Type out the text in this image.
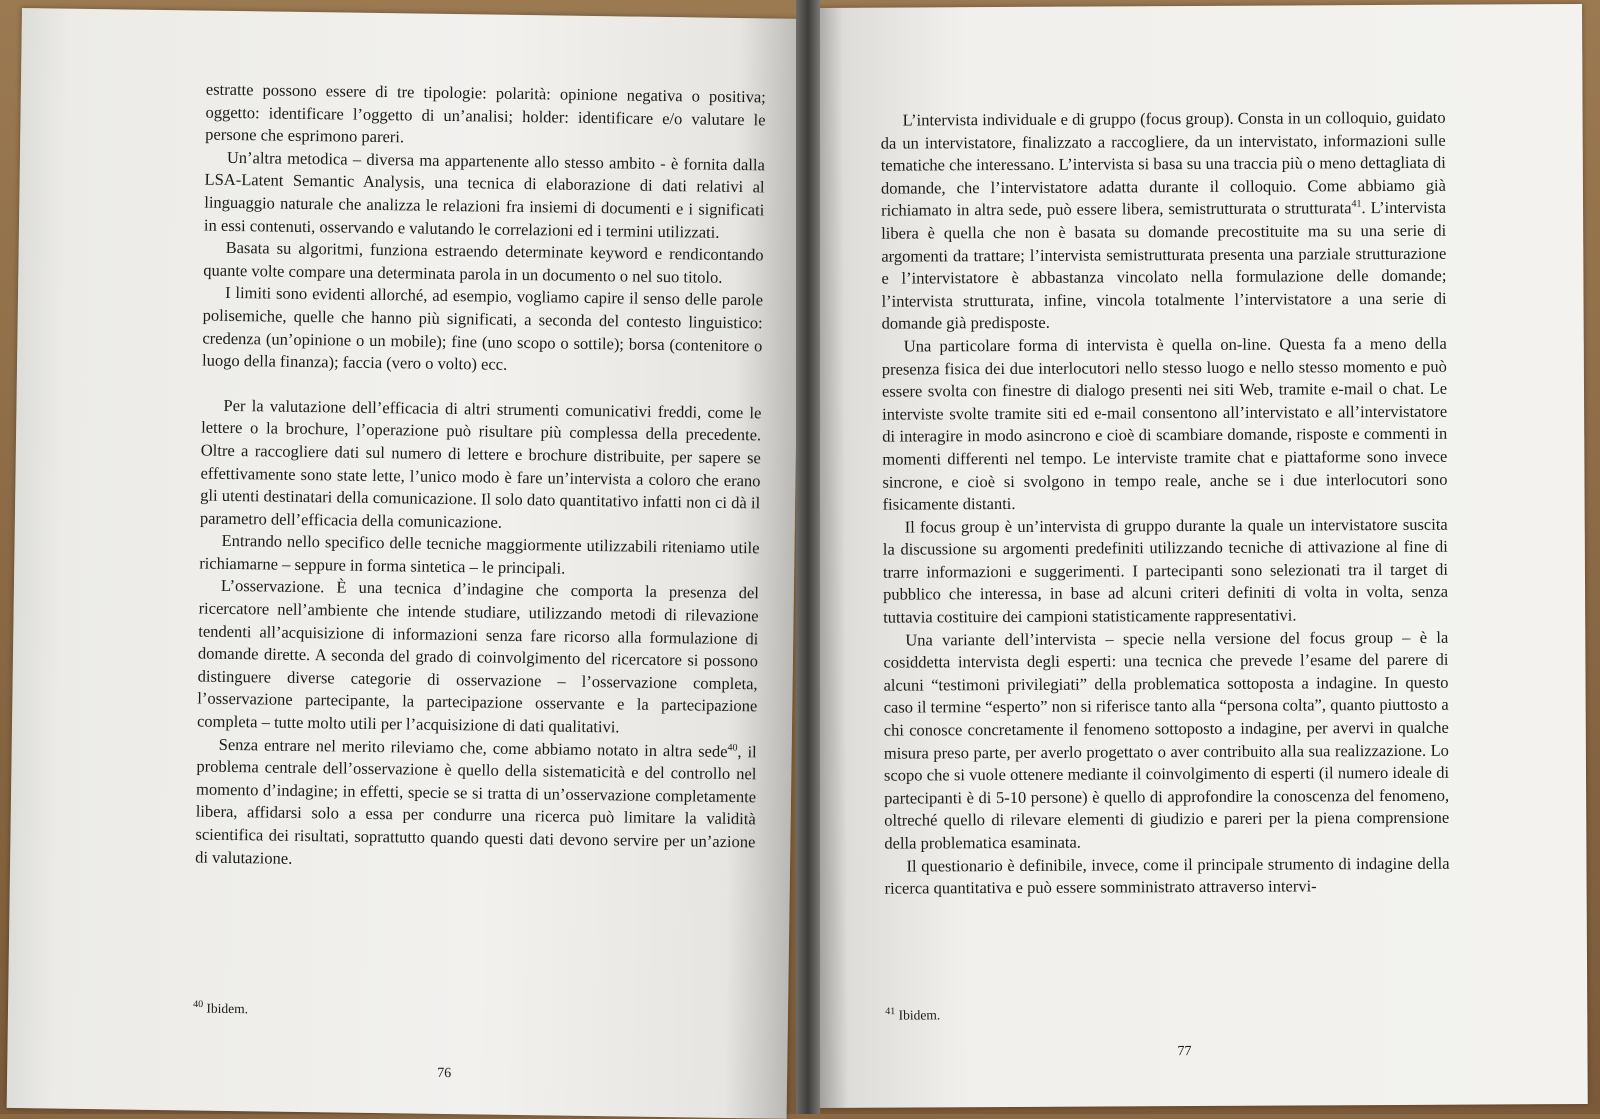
estratte possono essere di tre tipologie: polarità: opinione negativa o positiva; oggetto: identificare l’oggetto di un’analisi; holder: identificare e/o valutare le persone che esprimono pareri.

Un’altra metodica – diversa ma appartenente allo stesso ambito - è fornita dalla LSA-Latent Semantic Analysis, una tecnica di elaborazione di dati relativi al linguaggio naturale che analizza le relazioni fra insiemi di documenti e i significati in essi contenuti, osservando e valutando le correlazioni ed i termini utilizzati.

Basata su algoritmi, funziona estraendo determinate keyword e rendicontando quante volte compare una determinata parola in un documento o nel suo titolo.

I limiti sono evidenti allorché, ad esempio, vogliamo capire il senso delle parole polisemiche, quelle che hanno più significati, a seconda del contesto linguistico: credenza (un’opinione o un mobile); fine (uno scopo o sottile); borsa (contenitore o luogo della finanza); faccia (vero o volto) ecc.

Per la valutazione dell’efficacia di altri strumenti comunicativi freddi, come le lettere o la brochure, l’operazione può risultare più complessa della precedente. Oltre a raccogliere dati sul numero di lettere e brochure distribuite, per sapere se effettivamente sono state lette, l’unico modo è fare un’intervista a coloro che erano gli utenti destinatari della comunicazione. Il solo dato quantitativo infatti non ci dà il parametro dell’efficacia della comunicazione.

Entrando nello specifico delle tecniche maggiormente utilizzabili riteniamo utile richiamarne – seppure in forma sintetica – le principali.

L’osservazione. È una tecnica d’indagine che comporta la presenza del ricercatore nell’ambiente che intende studiare, utilizzando metodi di rilevazione tendenti all’acquisizione di informazioni senza fare ricorso alla formulazione di domande dirette. A seconda del grado di coinvolgimento del ricercatore si possono distinguere diverse categorie di osservazione – l’osservazione completa, l’osservazione partecipante, la partecipazione osservante e la partecipazione completa – tutte molto utili per l’acquisizione di dati qualitativi.

Senza entrare nel merito rileviamo che, come abbiamo notato in altra sede$^{40}$, il problema centrale dell’osservazione è quello della sistematicità e del controllo nel momento d’indagine; in effetti, specie se si tratta di un’osservazione completamente libera, affidarsi solo a essa per condurre una ricerca può limitare la validità scientifica dei risultati, soprattutto quando questi dati devono servire per un’azione di valutazione.

$^{40}$ Ibidem.
76

L’intervista individuale e di gruppo (focus group). Consta in un colloquio, guidato da un intervistatore, finalizzato a raccogliere, da un intervistato, informazioni sulle tematiche che interessano. L’intervista si basa su una traccia più o meno dettagliata di domande, che l’intervistatore adatta durante il colloquio. Come abbiamo già richiamato in altra sede, può essere libera, semistrutturata o strutturata$^{41}$. L’intervista libera è quella che non è basata su domande precostituite ma su una serie di argomenti da trattare; l’intervista semistrutturata presenta una parziale strutturazione e l’intervistatore è abbastanza vincolato nella formulazione delle domande; l’intervista strutturata, infine, vincola totalmente l’intervistatore a una serie di domande già predisposte.

Una particolare forma di intervista è quella on-line. Questa fa a meno della presenza fisica dei due interlocutori nello stesso luogo e nello stesso momento e può essere svolta con finestre di dialogo presenti nei siti Web, tramite e-mail o chat. Le interviste svolte tramite siti ed e-mail consentono all’intervistato e all’intervistatore di interagire in modo asincrono e cioè di scambiare domande, risposte e commenti in momenti differenti nel tempo. Le interviste tramite chat e piattaforme sono invece sincrone, e cioè si svolgono in tempo reale, anche se i due interlocutori sono fisicamente distanti.

Il focus group è un’intervista di gruppo durante la quale un intervistatore suscita la discussione su argomenti predefiniti utilizzando tecniche di attivazione al fine di trarre informazioni e suggerimenti. I partecipanti sono selezionati tra il target di pubblico che interessa, in base ad alcuni criteri definiti di volta in volta, senza tuttavia costituire dei campioni statisticamente rappresentativi.

Una variante dell’intervista – specie nella versione del focus group – è la cosiddetta intervista degli esperti: una tecnica che prevede l’esame del parere di alcuni “testimoni privilegiati” della problematica sottoposta a indagine. In questo caso il termine “esperto” non si riferisce tanto alla “persona colta”, quanto piuttosto a chi conosce concretamente il fenomeno sottoposto a indagine, per avervi in qualche misura preso parte, per averlo progettato o aver contribuito alla sua realizzazione. Lo scopo che si vuole ottenere mediante il coinvolgimento di esperti (il numero ideale di partecipanti è di 5-10 persone) è quello di approfondire la conoscenza del fenomeno, oltreché quello di rilevare elementi di giudizio e pareri per la piena comprensione della problematica esaminata.

Il questionario è definibile, invece, come il principale strumento di indagine della ricerca quantitativa e può essere somministrato attraverso intervi-

$^{41}$ Ibidem.
77
